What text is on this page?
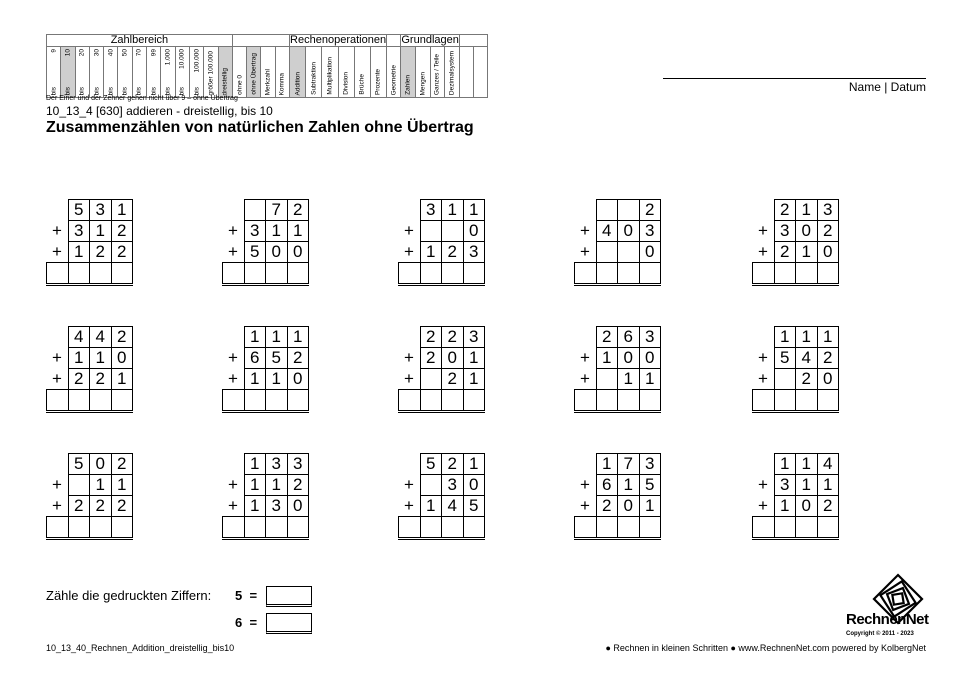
Zahlbereich																	Rechenoperationen							Grundlagen					

9
bis	10
bis	20
bis	30
bis	40
bis	50
bis	70
bis	99
bis	1.000
bis	10.000
bis	100.000
bis	größer 100.000	dreistellig	ohne 0	ohne Übertrag	Merkzahl	Komma	Addition	Subtraktion	Multiplikation	Division	Brüche	Prozente	Geometrie	Zahlen	Mengen	Ganzes / Teile	Dezimalsystem		
			Name | Datum
Der Einer und der Zehner gehen nicht über 9 – ohne Übertrag
10_13_4 [630] addieren - dreistellig, bis 10
Zusammenzählen von natürlichen Zahlen ohne Übertrag
	5	3	1
+	3	1	2
+	1	2	2

		7	2
+	3	1	1
+	5	0	0

	3	1	1
+			0
+	1	2	3

			2
+	4	0	3
+			0

	2	1	3
+	3	0	2
+	2	1	0

	4	4	2
+	1	1	0
+	2	2	1

	1	1	1
+	6	5	2
+	1	1	0

	2	2	3
+	2	0	1
+		2	1

	2	6	3
+	1	0	0
+		1	1

	1	1	1
+	5	4	2
+		2	0

	5	0	2
+		1	1
+	2	2	2

	1	3	3
+	1	1	2
+	1	3	0

	5	2	1
+		3	0
+	1	4	5

	1	7	3
+	6	1	5
+	2	0	1

	1	1	4
+	3	1	1
+	1	0	2

Zähle die gedruckten Ziffern: 5 =
6 =	RechnenNet
Copyright © 2011 - 2023
10_13_40_Rechnen_Addition_dreistellig_bis10	● Rechnen in kleinen Schritten ● www.RechnenNet.com powered by KolbergNet
